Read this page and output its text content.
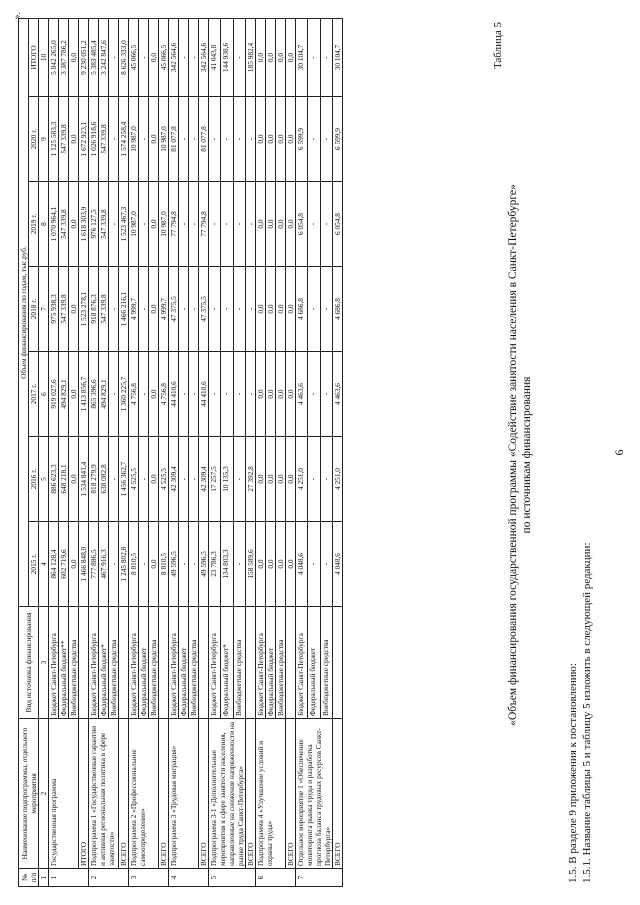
».
№ п/п	Наименование подпрограммы, отдельного мероприятия	Вид источника финансирования	Объем финансирования по годам, тыс.руб.						
			2015 г.	2016 г.	2017 г.	2018 г.	2019 г.	2020 г.	ИТОГО
1	2	3	4	5	6	7	8	9	10
1	Государственная программа	Бюджет Санкт-Петербурга	864 128,4	886 623,3	919 027,6	975 938,3	1 070 964,1	1 125 583,3	5 842 265,0
		Федеральный бюджет**	602 719,6	648 218,1	494 829,1	547 339,8	547 339,8	547 339,8	3 387 786,2
		Внебюджетные средства	0,0	0,0	0,0	0,0	0,0	0,0	0,0
	ИТОГО		1 466 848,0	1 534 841,4	1 413 856,7	1 523 278,1	1 618 303,9	1 672 923,1	9 230 051,2
2	Подпрограмма 1 «Государственные гарантии и активная региональная политика в сфере занятости»	Бюджет Санкт-Петербурга	777 886,5	818 279,9	865 396,6	918 876,3	976 127,5	1 026 918,6	5 383 485,4
		Федеральный бюджет*	467 916,3	638 082,8	494 829,1	547 339,8	547 339,8	547 339,8	3 242 847,6
		Внебюджетные средства	-	-	-	-	-	-	-
	ВСЕГО		1 245 802,8	1 456 362,7	1 360 225,7	1 466 216,1	1 523 467,3	1 574 258,4	8 626 333,0
3	Подпрограмма 2 «Профессиональное самоопределение»	Бюджет Санкт-Петербурга	8 810,5	4 525,5	4 756,8	4 999,7	10 987,0	10 987,0	45 066,5
		Федеральный бюджет	-	-	-	-	-	-	-
		Внебюджетные средства	0,0	0,0	0,0	0,0	0,0	0,0	0,0
	ВСЕГО		8 810,5	4 525,5	4 756,8	4 999,7	10 987,0	10 987,0	45 066,5
4	Подпрограмма 3 «Трудовая миграция»	Бюджет Санкт-Петербурга	49 596,5	42 309,4	44 410,6	47 375,5	77 794,8	81 077,8	342 564,6
		Федеральный бюджет	-	-	-	-	-	-	-
		Внебюджетные средства	-	-	-	-	-	-	-
	ВСЕГО		49 596,5	42 309,4	44 410,6	47 375,5	77 794,8	81 077,8	342 564,6
5	Подпрограмма 3-1 «Дополнительные мероприятия в сфере занятости населения, направленные на снижение напряженности на рынке труда Санкт-Петербурга»	Бюджет Санкт-Петербурга	23 786,3	17 257,5	-	-	-	-	41 043,8
		Федеральный бюджет*	134 803,3	10 135,3	-	-	-	-	144 938,6
		Внебюджетные средства	-	-	-	-	-	-	-
	ВСЕГО		158 589,6	27 392,8	-	-	-	-	185 982,4
6	Подпрограмма 4 «Улучшение условий и охраны труда»	Бюджет Санкт-Петербурга	0,0	0,0	0,0	0,0	0,0	0,0	0,0
		Федеральный бюджет	0,0	0,0	0,0	0,0	0,0	0,0	0,0
		Внебюджетные средства	0,0	0,0	0,0	0,0	0,0	0,0	0,0
	ВСЕГО		0,0	0,0	0,0	0,0	0,0	0,0	0,0
7	Отдельное мероприятие 1 «Обеспечение мониторинга рынка труда и разработка прогноза баланса трудовых ресурсов Санкт-Петербурга»	Бюджет Санкт-Петербурга	4 048,6	4 251,0	4 463,6	4 686,8	6 054,8	6 599,9	30 104,7
		Федеральный бюджет	-	-	-	-	-	-	-
		Внебюджетные средства	-	-	-	-	-	-	-
	ВСЕГО		4 048,6	4 251,0	4 463,6	4 686,8	6 054,8	6 599,9	30 104,7	Таблица 5
«Объем финансирования государственной программы «Содействие занятости населения в Санкт-Петербурге» по источникам финансирования
1.5. В разделе 9 приложения к постановлению: 1.5.1. Название таблицы 5 и таблицу 5 изложить в следующей редакции:
6
